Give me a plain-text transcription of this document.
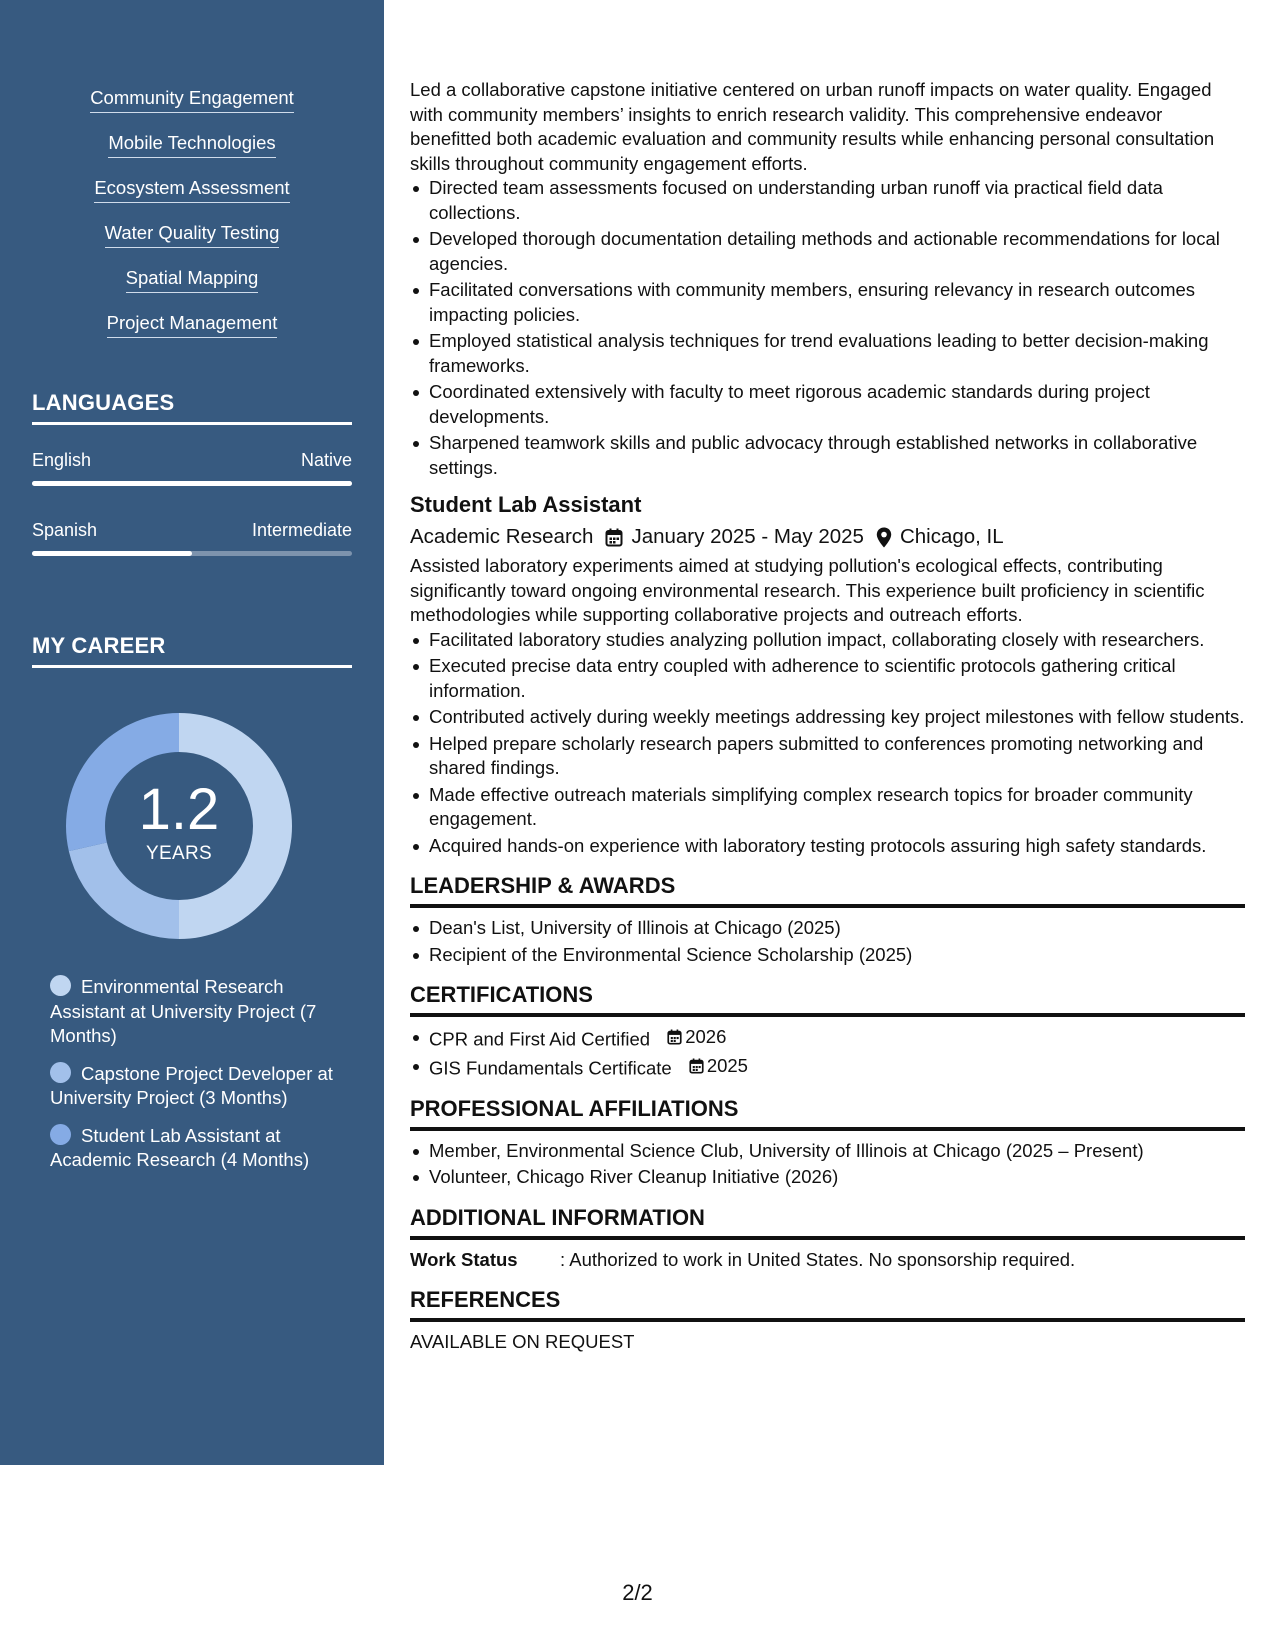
Community Engagement
Mobile Technologies
Ecosystem Assessment
Water Quality Testing
Spatial Mapping
Project Management
LANGUAGES
English	Native
Spanish	Intermediate
MY CAREER
1.2
YEARS
Environmental Research Assistant at University Project (7 Months)
Capstone Project Developer at University Project (3 Months)
Student Lab Assistant at Academic Research (4 Months)

Led a collaborative capstone initiative centered on urban runoff impacts on water quality. Engaged with community members’ insights to enrich research validity. This comprehensive endeavor benefitted both academic evaluation and community results while enhancing personal consultation skills throughout community engagement efforts.

Directed team assessments focused on understanding urban runoff via practical field data collections.
Developed thorough documentation detailing methods and actionable recommendations for local agencies.
Facilitated conversations with community members, ensuring relevancy in research outcomes impacting policies.
Employed statistical analysis techniques for trend evaluations leading to better decision-making frameworks.
Coordinated extensively with faculty to meet rigorous academic standards during project developments.
Sharpened teamwork skills and public advocacy through established networks in collaborative settings.
Student Lab Assistant
Academic Research January 2025 - May 2025 Chicago, IL

Assisted laboratory experiments aimed at studying pollution's ecological effects, contributing significantly toward ongoing environmental research. This experience built proficiency in scientific methodologies while supporting collaborative projects and outreach efforts.

Facilitated laboratory studies analyzing pollution impact, collaborating closely with researchers.
Executed precise data entry coupled with adherence to scientific protocols gathering critical information.
Contributed actively during weekly meetings addressing key project milestones with fellow students.
Helped prepare scholarly research papers submitted to conferences promoting networking and shared findings.
Made effective outreach materials simplifying complex research topics for broader community engagement.
Acquired hands-on experience with laboratory testing protocols assuring high safety standards.
LEADERSHIP & AWARDS
Dean's List, University of Illinois at Chicago (2025)
Recipient of the Environmental Science Scholarship (2025)
CERTIFICATIONS
CPR and First Aid Certified 2026
GIS Fundamentals Certificate 2025
PROFESSIONAL AFFILIATIONS
Member, Environmental Science Club, University of Illinois at Chicago (2025 – Present)
Volunteer, Chicago River Cleanup Initiative (2026)
ADDITIONAL INFORMATION
Work Status	: Authorized to work in United States. No sponsorship required.
REFERENCES
AVAILABLE ON REQUEST
2/2
